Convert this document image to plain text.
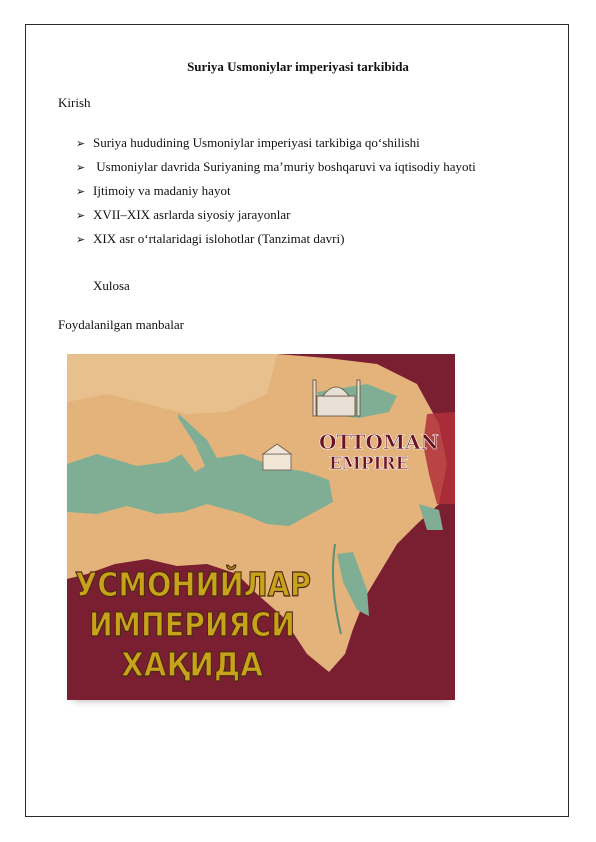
Suriya Usmoniylar imperiyasi tarkibida
Kirish
➢ Suriya hududining Usmoniylar imperiyasi tarkibiga qo‘shilishi
➢ Usmoniylar davrida Suriyaning ma’muriy boshqaruvi va iqtisodiy hayoti
➢ Ijtimoiy va madaniy hayot
➢ XVII–XIX asrlarda siyosiy jarayonlar
➢ XIX asr o‘rtalaridagi islohotlar (Tanzimat davri)
Xulosa
Foydalanilgan manbalar
OTTOMAN
EMPIRE
УСМОНИЙЛАР
ИМПЕРИЯСИ
ХАҚИДА
